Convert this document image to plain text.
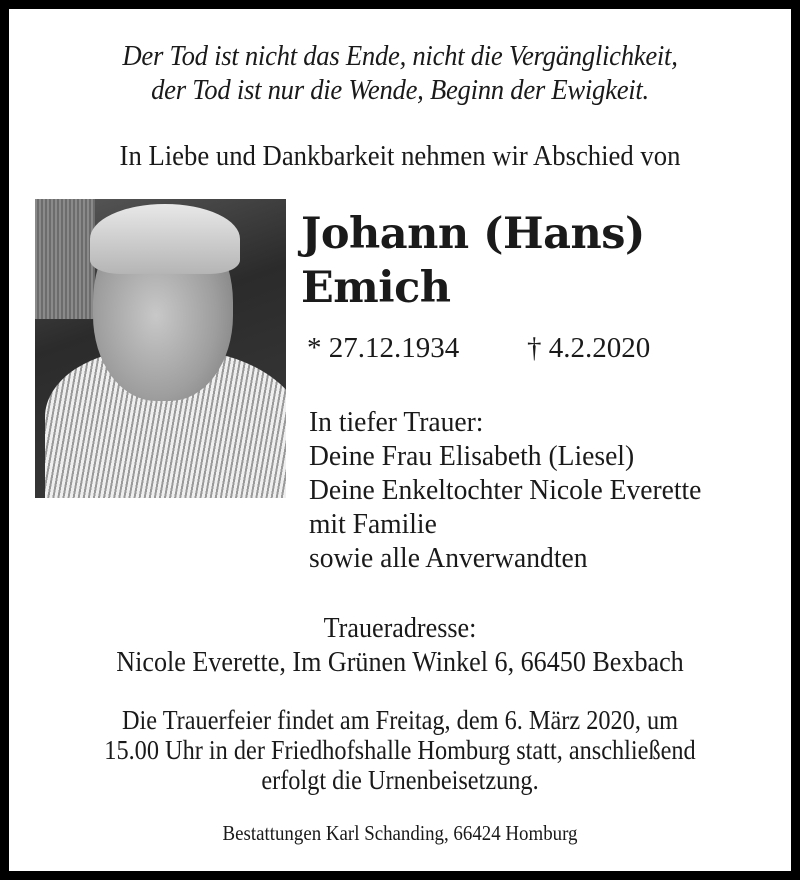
Der Tod ist nicht das Ende, nicht die Vergänglichkeit,
der Tod ist nur die Wende, Beginn der Ewigkeit.
In Liebe und Dankbarkeit nehmen wir Abschied von
Johann (Hans)
Emich
* 27.12.1934	† 4.2.2020
In tiefer Trauer:
Deine Frau Elisabeth (Liesel)
Deine Enkeltochter Nicole Everette
mit Familie
sowie alle Anverwandten
Traueradresse:
Nicole Everette, Im Grünen Winkel 6, 66450 Bexbach
Die Trauerfeier findet am Freitag, dem 6. März 2020, um
15.00 Uhr in der Friedhofshalle Homburg statt, anschließend
erfolgt die Urnenbeisetzung.
Bestattungen Karl Schanding, 66424 Homburg
